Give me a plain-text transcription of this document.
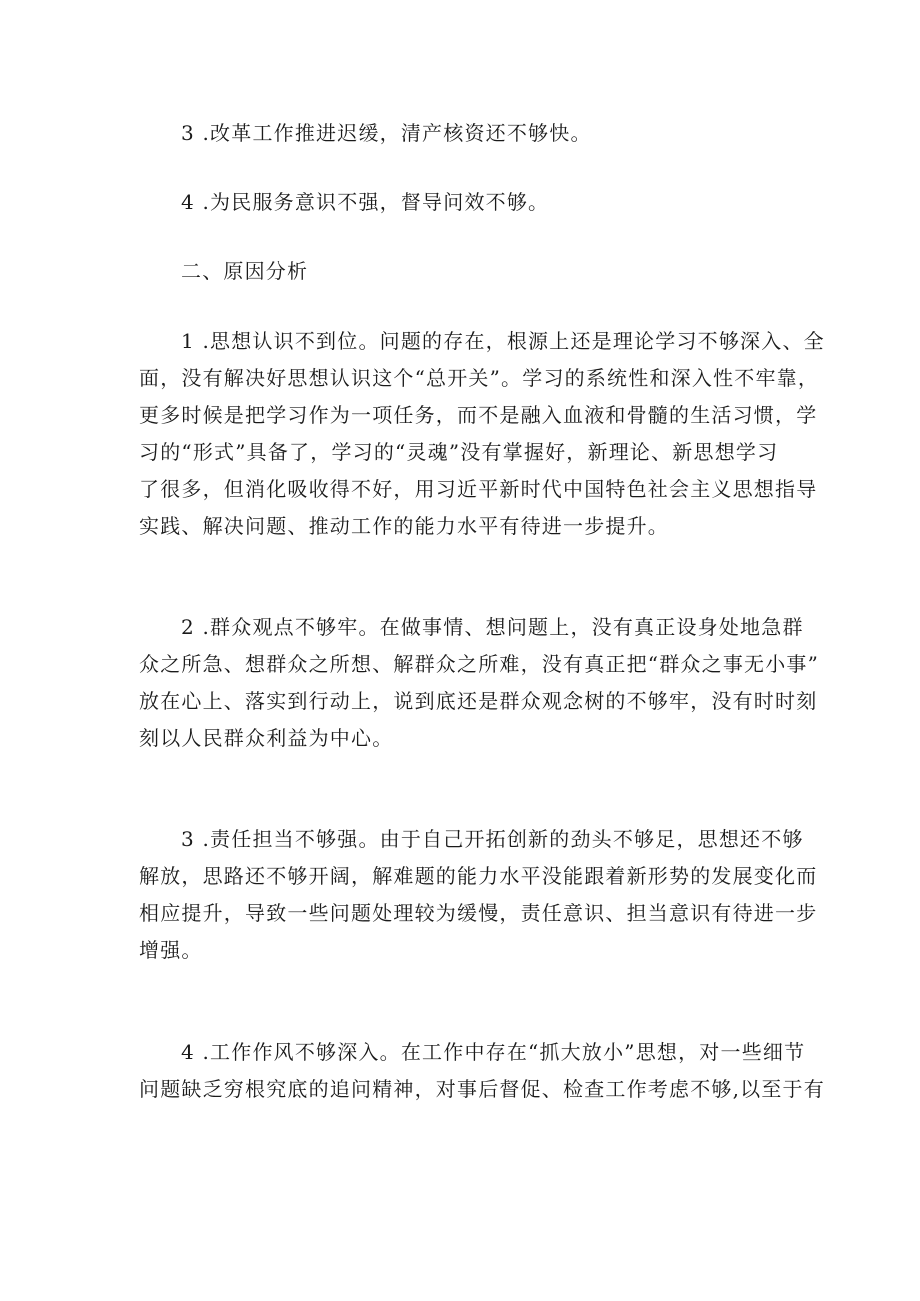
3 .改革工作推进迟缓，清产核资还不够快。

4 .为民服务意识不强，督导问效不够。

二、原因分析

1 .思想认识不到位。问题的存在，根源上还是理论学习不够深入、全
面，没有解决好思想认识这个“总开关”。学习的系统性和深入性不牢靠，
更多时候是把学习作为一项任务，而不是融入血液和骨髓的生活习惯，学
习的“形式”具备了，学习的“灵魂”没有掌握好，新理论、新思想学习
了很多，但消化吸收得不好，用习近平新时代中国特色社会主义思想指导
实践、解决问题、推动工作的能力水平有待进一步提升。

2 .群众观点不够牢。在做事情、想问题上，没有真正设身处地急群
众之所急、想群众之所想、解群众之所难，没有真正把“群众之事无小事”
放在心上、落实到行动上，说到底还是群众观念树的不够牢，没有时时刻
刻以人民群众利益为中心。

3 .责任担当不够强。由于自己开拓创新的劲头不够足，思想还不够
解放，思路还不够开阔，解难题的能力水平没能跟着新形势的发展变化而
相应提升，导致一些问题处理较为缓慢，责任意识、担当意识有待进一步
增强。

4 .工作作风不够深入。在工作中存在“抓大放小”思想，对一些细节
问题缺乏穷根究底的追问精神，对事后督促、检查工作考虑不够,以至于有
